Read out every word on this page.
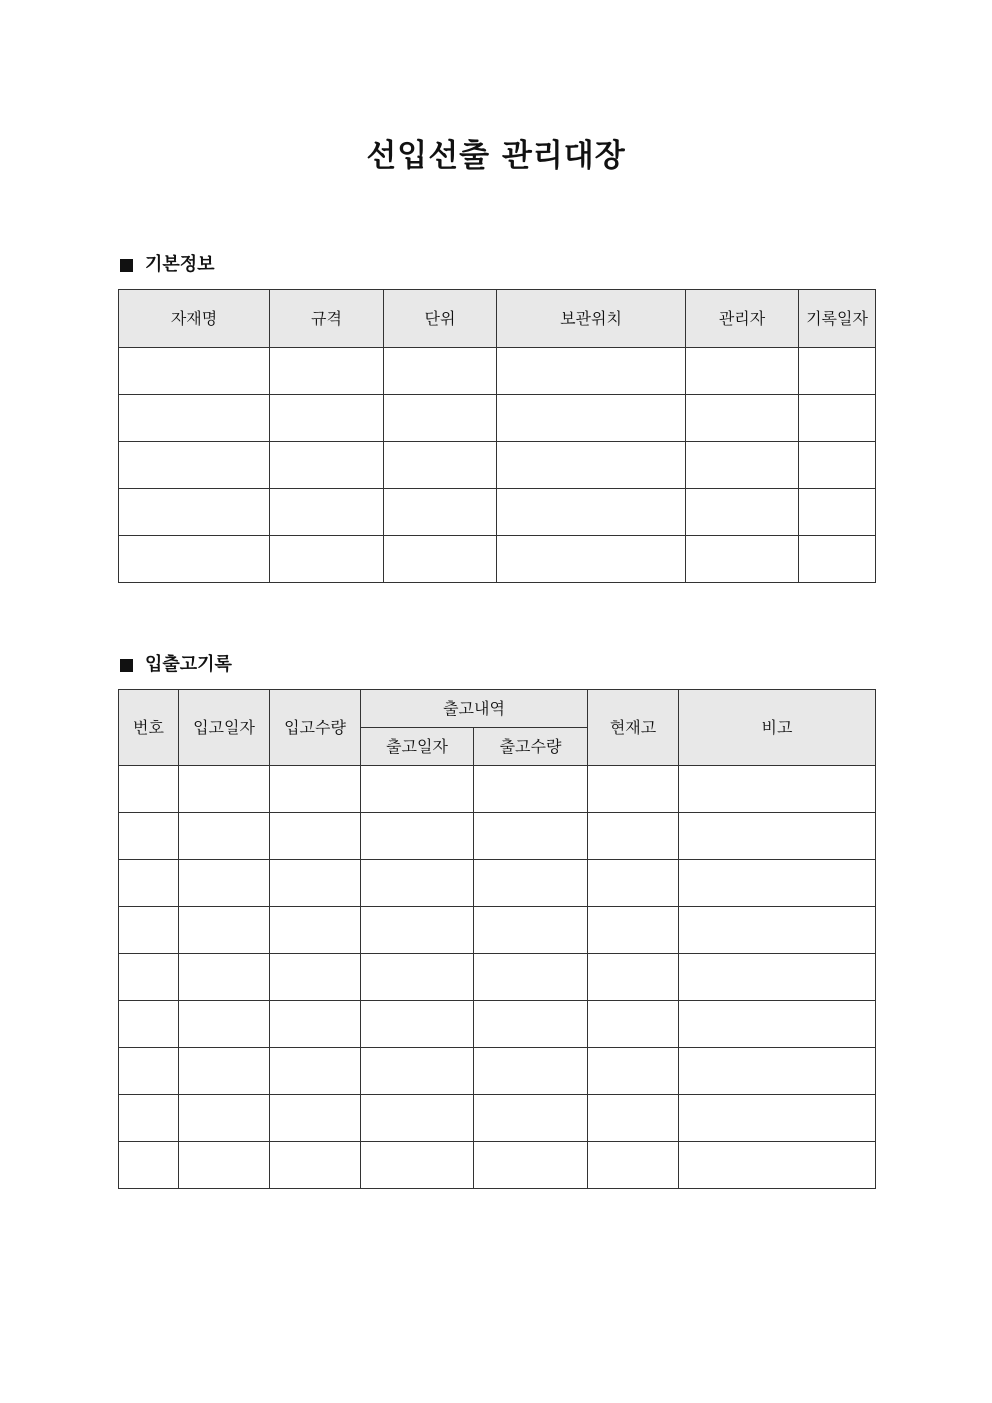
선입선출 관리대장
기본정보
자재명	규격	단위	보관위치	관리자	기록일자

입출고기록
번호	입고일자	입고수량	출고내역		현재고	비고
			출고일자	출고수량		
